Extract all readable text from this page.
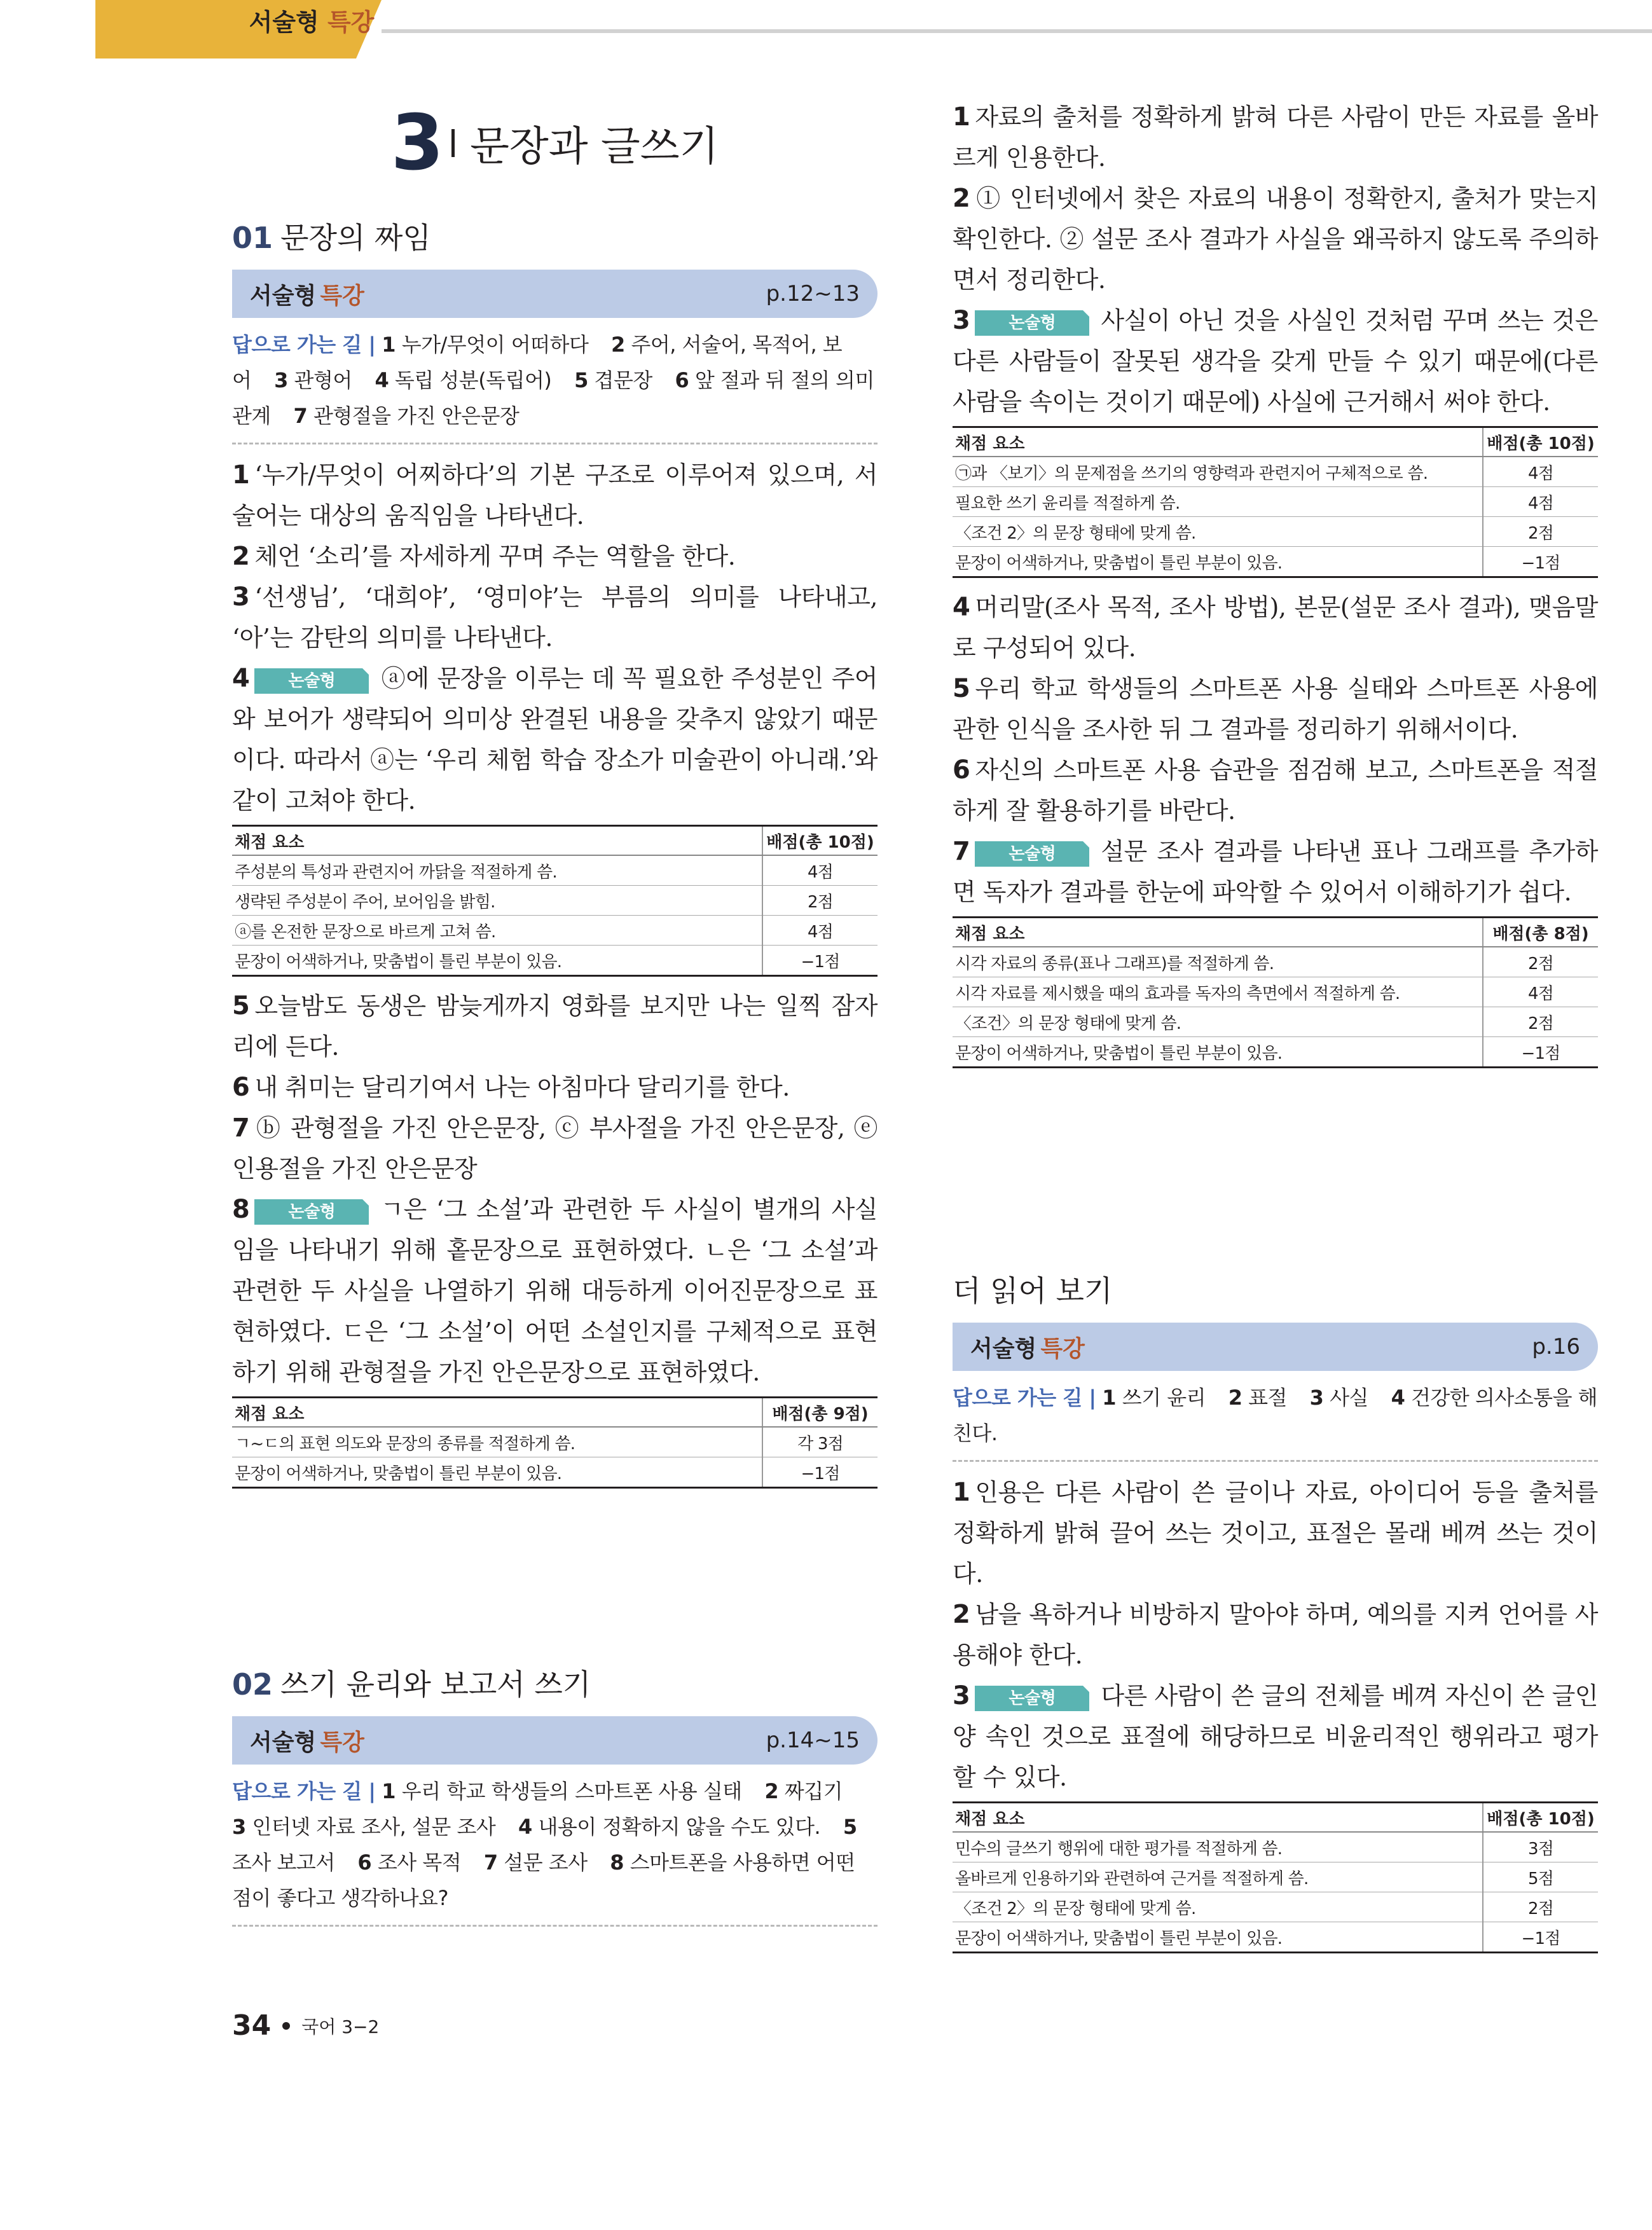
서술형 특강
3 문장과 글쓰기
01 문장의 짜임
서술형 특강	p.12~13
답으로 가는 길 | 1 누가/무엇이 어떠하다 2 주어, 서술어, 목적어, 보어 3 관형어 4 독립 성분(독립어) 5 겹문장 6 앞 절과 뒤 절의 의미 관계 7 관형절을 가진 안은문장
1 ‘누가/무엇이 어찌하다’의 기본 구조로 이루어져 있으며, 서술어는 대상의 움직임을 나타낸다.
2 체언 ‘소리’를 자세하게 꾸며 주는 역할을 한다.
3 ‘선생님’, ‘대희야’, ‘영미야’는 부름의 의미를 나타내고, ‘아’는 감탄의 의미를 나타낸다.
4 논술형 ⓐ에 문장을 이루는 데 꼭 필요한 주성분인 주어와 보어가 생략되어 의미상 완결된 내용을 갖추지 않았기 때문이다. 따라서 ⓐ는 ‘우리 체험 학습 장소가 미술관이 아니래.’와 같이 고쳐야 한다.
채점 요소	배점(총 10점)
주성분의 특성과 관련지어 까닭을 적절하게 씀.	4점
생략된 주성분이 주어, 보어임을 밝힘.	2점
ⓐ를 온전한 문장으로 바르게 고쳐 씀.	4점
문장이 어색하거나, 맞춤법이 틀린 부분이 있음.	−1점
5 오늘밤도 동생은 밤늦게까지 영화를 보지만 나는 일찍 잠자리에 든다.
6 내 취미는 달리기여서 나는 아침마다 달리기를 한다.
7 ⓑ 관형절을 가진 안은문장, ⓒ 부사절을 가진 안은문장, ⓔ 인용절을 가진 안은문장
8 논술형 ㄱ은 ‘그 소설’과 관련한 두 사실이 별개의 사실임을 나타내기 위해 홑문장으로 표현하였다. ㄴ은 ‘그 소설’과 관련한 두 사실을 나열하기 위해 대등하게 이어진문장으로 표현하였다. ㄷ은 ‘그 소설’이 어떤 소설인지를 구체적으로 표현하기 위해 관형절을 가진 안은문장으로 표현하였다.
채점 요소	배점(총 9점)
ㄱ~ㄷ의 표현 의도와 문장의 종류를 적절하게 씀.	각 3점
문장이 어색하거나, 맞춤법이 틀린 부분이 있음.	−1점
02 쓰기 윤리와 보고서 쓰기
서술형 특강	p.14~15
답으로 가는 길 | 1 우리 학교 학생들의 스마트폰 사용 실태 2 짜깁기 3 인터넷 자료 조사, 설문 조사 4 내용이 정확하지 않을 수도 있다. 5 조사 보고서 6 조사 목적 7 설문 조사 8 스마트폰을 사용하면 어떤 점이 좋다고 생각하나요?
1 자료의 출처를 정확하게 밝혀 다른 사람이 만든 자료를 올바르게 인용한다.
2 ① 인터넷에서 찾은 자료의 내용이 정확한지, 출처가 맞는지 확인한다. ② 설문 조사 결과가 사실을 왜곡하지 않도록 주의하면서 정리한다.
3 논술형 사실이 아닌 것을 사실인 것처럼 꾸며 쓰는 것은 다른 사람들이 잘못된 생각을 갖게 만들 수 있기 때문에(다른 사람을 속이는 것이기 때문에) 사실에 근거해서 써야 한다.
채점 요소	배점(총 10점)
㉠과 〈보기〉의 문제점을 쓰기의 영향력과 관련지어 구체적으로 씀.	4점
필요한 쓰기 윤리를 적절하게 씀.	4점
〈조건 2〉의 문장 형태에 맞게 씀.	2점
문장이 어색하거나, 맞춤법이 틀린 부분이 있음.	−1점
4 머리말(조사 목적, 조사 방법), 본문(설문 조사 결과), 맺음말로 구성되어 있다.
5 우리 학교 학생들의 스마트폰 사용 실태와 스마트폰 사용에 관한 인식을 조사한 뒤 그 결과를 정리하기 위해서이다.
6 자신의 스마트폰 사용 습관을 점검해 보고, 스마트폰을 적절하게 잘 활용하기를 바란다.
7 논술형 설문 조사 결과를 나타낸 표나 그래프를 추가하면 독자가 결과를 한눈에 파악할 수 있어서 이해하기가 쉽다.
채점 요소	배점(총 8점)
시각 자료의 종류(표나 그래프)를 적절하게 씀.	2점
시각 자료를 제시했을 때의 효과를 독자의 측면에서 적절하게 씀.	4점
〈조건〉의 문장 형태에 맞게 씀.	2점
문장이 어색하거나, 맞춤법이 틀린 부분이 있음.	−1점
더 읽어 보기
서술형 특강	p.16
답으로 가는 길 | 1 쓰기 윤리 2 표절 3 사실 4 건강한 의사소통을 해친다.
1 인용은 다른 사람이 쓴 글이나 자료, 아이디어 등을 출처를 정확하게 밝혀 끌어 쓰는 것이고, 표절은 몰래 베껴 쓰는 것이다.
2 남을 욕하거나 비방하지 말아야 하며, 예의를 지켜 언어를 사용해야 한다.
3 논술형 다른 사람이 쓴 글의 전체를 베껴 자신이 쓴 글인 양 속인 것으로 표절에 해당하므로 비윤리적인 행위라고 평가할 수 있다.
채점 요소	배점(총 10점)
민수의 글쓰기 행위에 대한 평가를 적절하게 씀.	3점
올바르게 인용하기와 관련하여 근거를 적절하게 씀.	5점
〈조건 2〉의 문장 형태에 맞게 씀.	2점
문장이 어색하거나, 맞춤법이 틀린 부분이 있음.	−1점
34 국어 3−2
